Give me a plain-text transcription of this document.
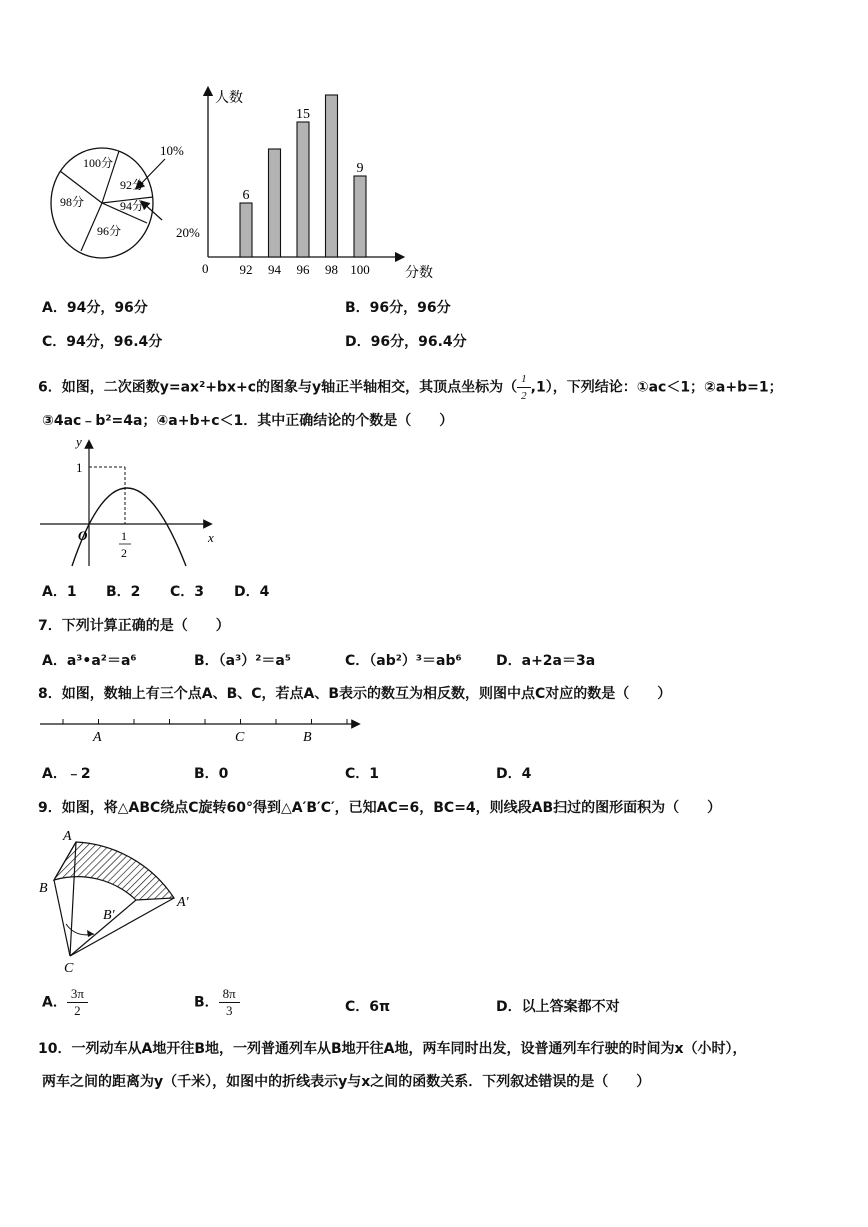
100分
92分
94分
98分
96分
10%
20%
人数
分数
0 92
6
94 96
15
98 100
9
A．94分，96分	B．96分，96分
C．94分，96.4分	D．96分，96.4分
6．如图，二次函数y=ax²+bx+c的图象与y轴正半轴相交，其顶点坐标为（ $\frac{1}{2} ,1$），下列结论：①ac＜1；②a+b=1；
③4ac﹣b²=4a；④a+b+c＜1．其中正确结论的个数是（　　）
y
x
O
1
1
2
A．1 B．2 C．3 D．4
7．下列计算正确的是（　　）
A．a³•a²＝a⁶	B．（a³）²＝a⁵	C．（ab²）³＝ab⁶ D．a+2a＝3a
8．如图，数轴上有三个点A、B、C，若点A、B表示的数互为相反数，则图中点C对应的数是（　　）
A	C	B
A．﹣2	B．0	C．1	D．4
9．如图，将△ABC绕点C旋转60°得到△A′B′C′，已知AC=6，BC=4，则线段AB扫过的图形面积为（　　）
A
B
B′
A′
C
A． $\frac{3\pi}{2}$	B． $\frac{8\pi}{3}$	C．6π	D．以上答案都不对
10．一列动车从A地开往B地，一列普通列车从B地开往A地，两车同时出发，设普通列车行驶的时间为x（小时），
两车之间的距离为y（千米），如图中的折线表示y与x之间的函数关系．下列叙述错误的是（　　）
